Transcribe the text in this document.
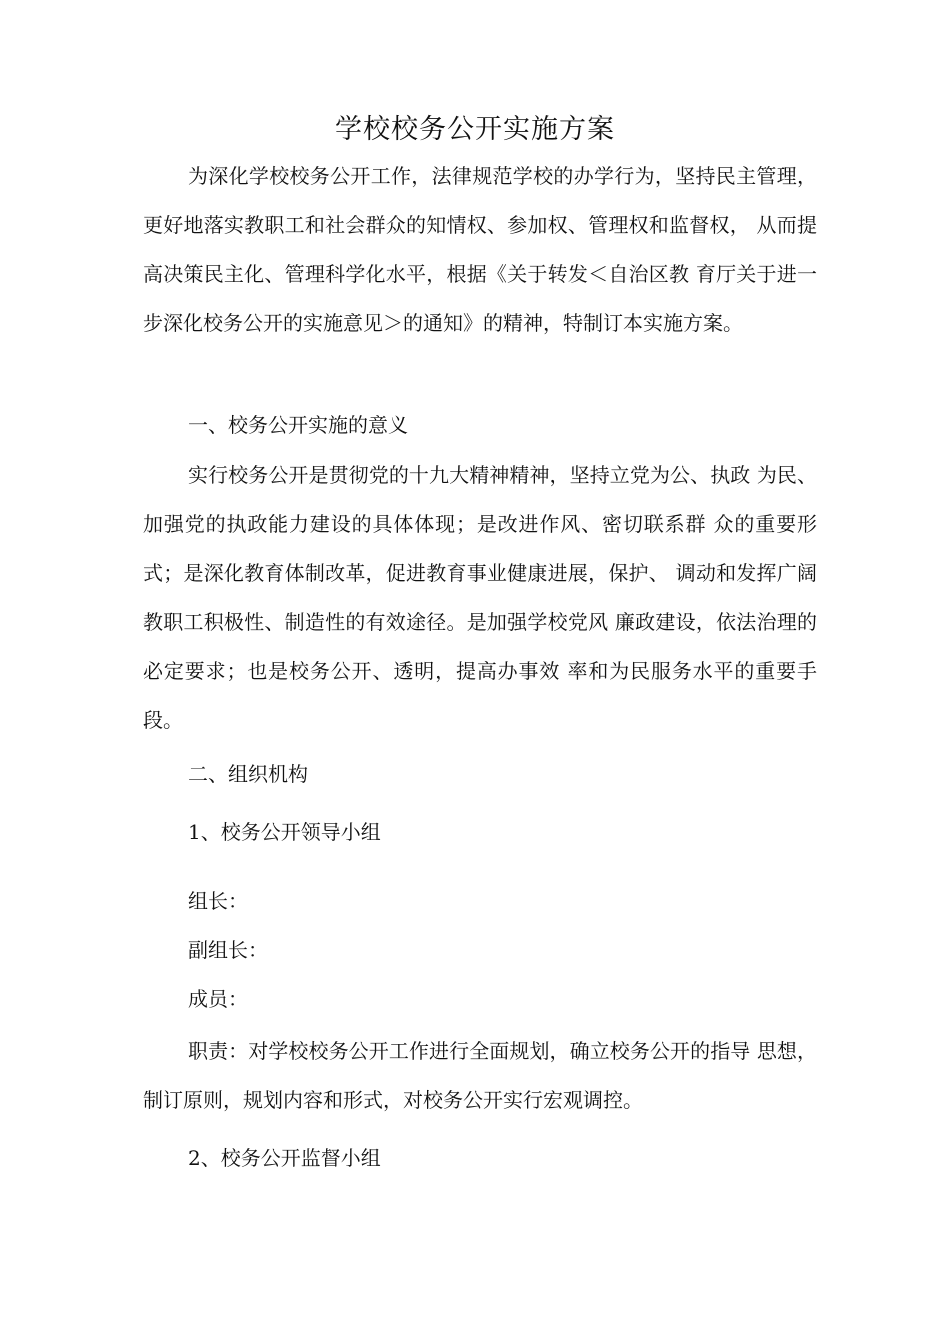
学校校务公开实施方案

为深化学校校务公开工作，法律规范学校的办学行为，坚持民主管理， 更好地落实教职工和社会群众的知情权、参加权、管理权和监督权， 从而提高决策民主化、管理科学化水平，根据《关于转发＜自治区教 育厅关于进一步深化校务公开的实施意见＞的通知》的精神，特制订本实施方案。

一、校务公开实施的意义

实行校务公开是贯彻党的十九大精神精神，坚持立党为公、执政 为民、加强党的执政能力建设的具体体现；是改进作风、密切联系群 众的重要形式；是深化教育体制改革，促进教育事业健康进展，保护、 调动和发挥广阔教职工积极性、制造性的有效途径。是加强学校党风 廉政建设，依法治理的必定要求；也是校务公开、透明，提高办事效 率和为民服务水平的重要手段。

二、组织机构
1、校务公开领导小组
组长：
副组长：
成员：

职责：对学校校务公开工作进行全面规划，确立校务公开的指导 思想，制订原则，规划内容和形式，对校务公开实行宏观调控。

2、校务公开监督小组
